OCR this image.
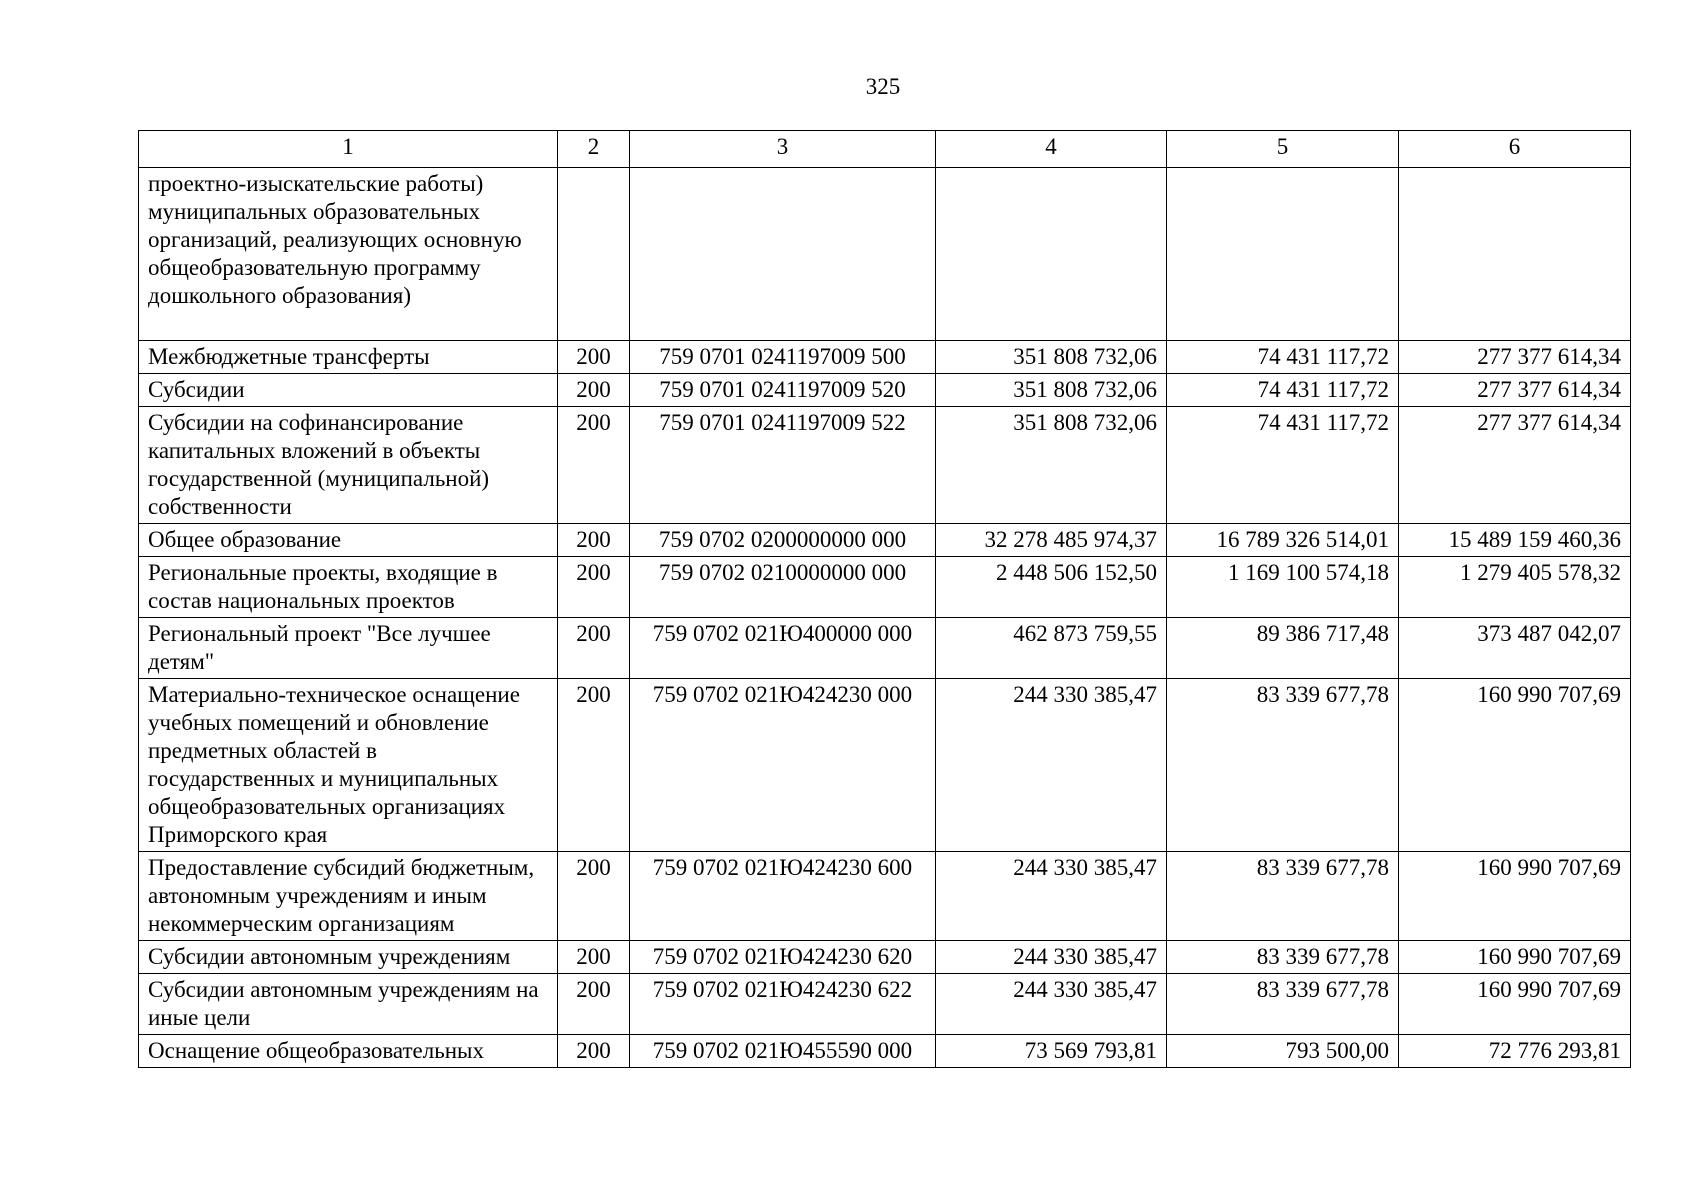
325
1	2	3	4	5	6
проектно-изыскательские работы) муниципальных образовательных организаций, реализующих основную общеобразовательную программу дошкольного образования)					
Межбюджетные трансферты	200	759 0701 0241197009 500	351 808 732,06	74 431 117,72	277 377 614,34
Субсидии	200	759 0701 0241197009 520	351 808 732,06	74 431 117,72	277 377 614,34
Субсидии на софинансирование капитальных вложений в объекты государственной (муниципальной) собственности	200	759 0701 0241197009 522	351 808 732,06	74 431 117,72	277 377 614,34
Общее образование	200	759 0702 0200000000 000	32 278 485 974,37	16 789 326 514,01	15 489 159 460,36
Региональные проекты, входящие в состав национальных проектов	200	759 0702 0210000000 000	2 448 506 152,50	1 169 100 574,18	1 279 405 578,32
Региональный проект "Все лучшее детям"	200	759 0702 021Ю400000 000	462 873 759,55	89 386 717,48	373 487 042,07
Материально-техническое оснащение учебных помещений и обновление предметных областей в государственных и муниципальных общеобразовательных организациях Приморского края	200	759 0702 021Ю424230 000	244 330 385,47	83 339 677,78	160 990 707,69
Предоставление субсидий бюджетным, автономным учреждениям и иным некоммерческим организациям	200	759 0702 021Ю424230 600	244 330 385,47	83 339 677,78	160 990 707,69
Субсидии автономным учреждениям	200	759 0702 021Ю424230 620	244 330 385,47	83 339 677,78	160 990 707,69
Субсидии автономным учреждениям на иные цели	200	759 0702 021Ю424230 622	244 330 385,47	83 339 677,78	160 990 707,69
Оснащение общеобразовательных	200	759 0702 021Ю455590 000	73 569 793,81	793 500,00	72 776 293,81
